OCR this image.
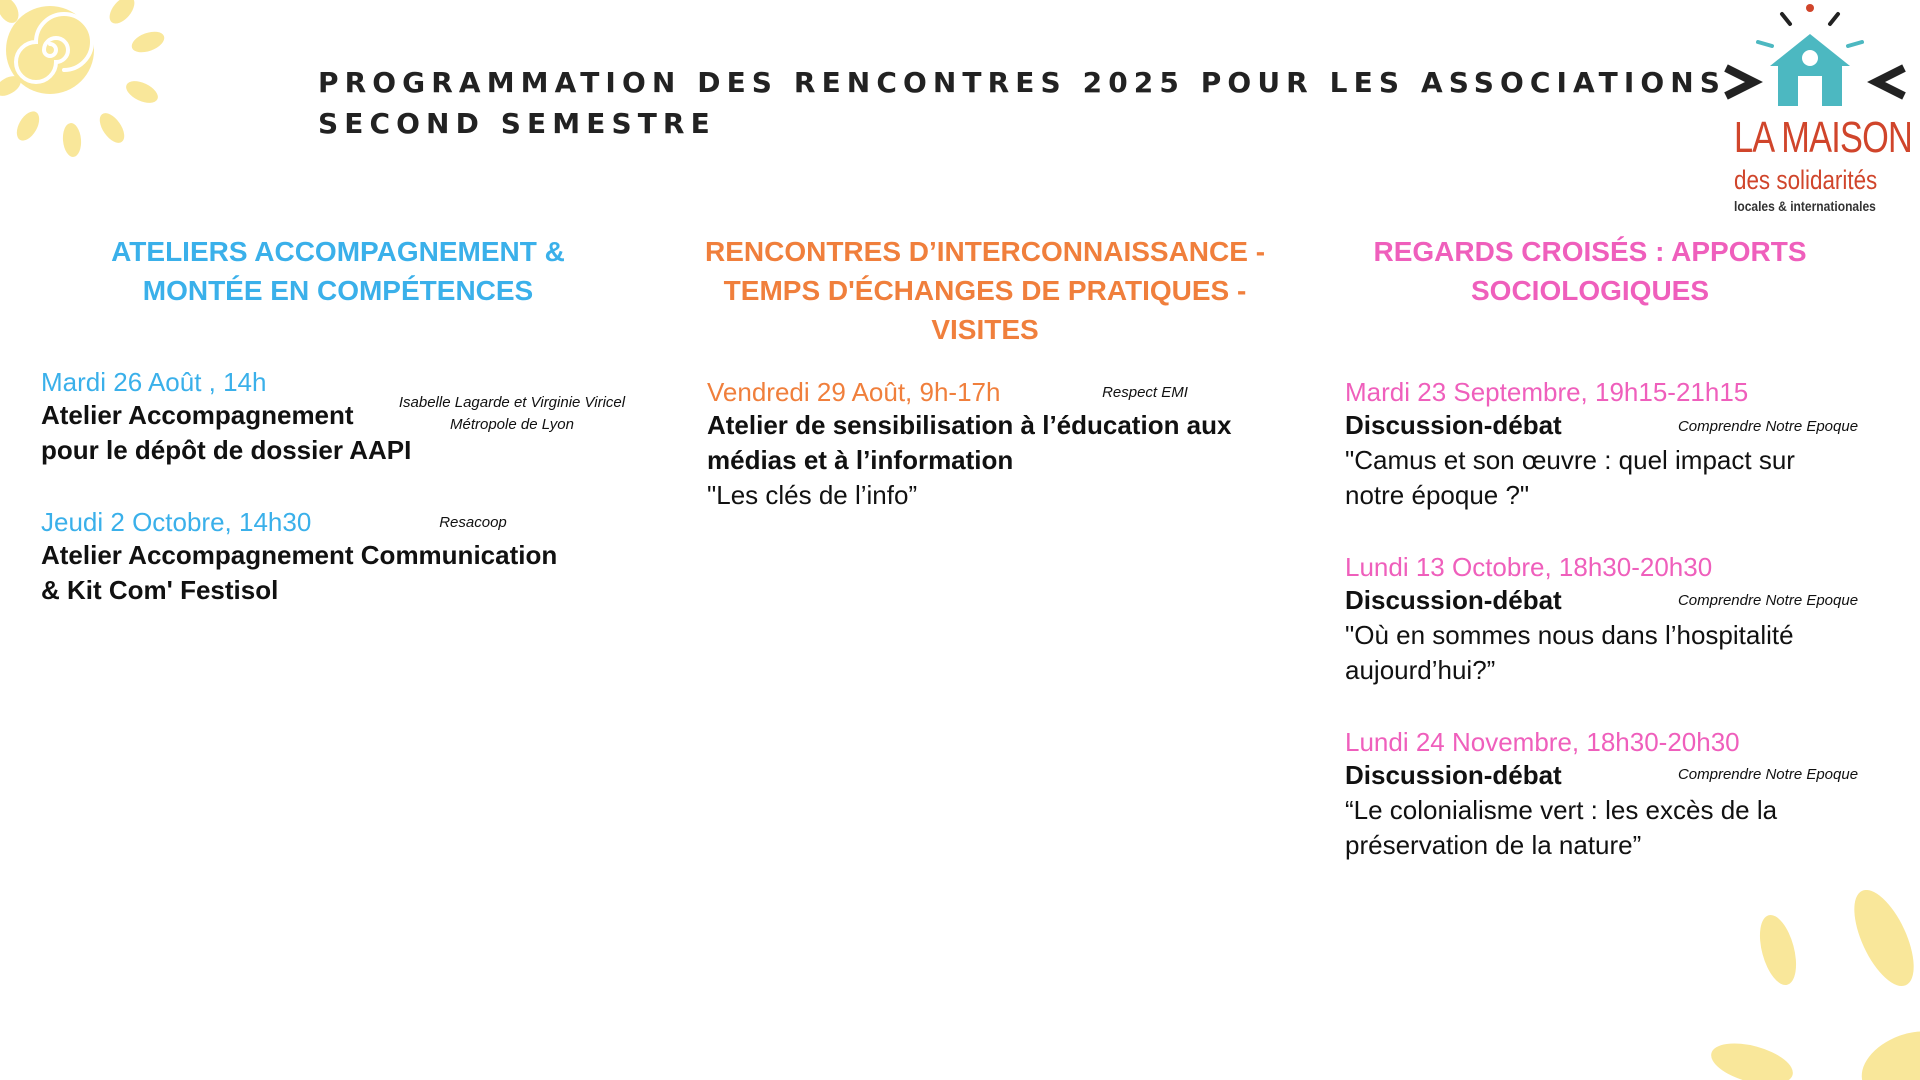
PROGRAMMATION DES RENCONTRES 2025 POUR LES ASSOCIATIONS
SECOND SEMESTRE	LA MAISON
des solidarités
locales & internationales
ATELIERS ACCOMPAGNEMENT &
MONTÉE EN COMPÉTENCES
Mardi 26 Août , 14h
Atelier Accompagnement
pour le dépôt de dossier AAPI
Isabelle Lagarde et Virginie Viricel
Métropole de Lyon
Jeudi 2 Octobre, 14h30
Atelier Accompagnement Communication
& Kit Com' Festisol
Resacoop
RENCONTRES D’INTERCONNAISSANCE -
TEMPS D'ÉCHANGES DE PRATIQUES -
VISITES
Vendredi 29 Août, 9h-17h
Atelier de sensibilisation à l’éducation aux
médias et à l’information
"Les clés de l’info”
Respect EMI
REGARDS CROISÉS : APPORTS
SOCIOLOGIQUES
Mardi 23 Septembre, 19h15-21h15
Discussion-débat
"Camus et son œuvre : quel impact sur
notre époque ?"
Comprendre Notre Epoque
Lundi 13 Octobre, 18h30-20h30
Discussion-débat
"Où en sommes nous dans l’hospitalité
aujourd’hui?”
Comprendre Notre Epoque
Lundi 24 Novembre, 18h30-20h30
Discussion-débat
“Le colonialisme vert : les excès de la
préservation de la nature”
Comprendre Notre Epoque
